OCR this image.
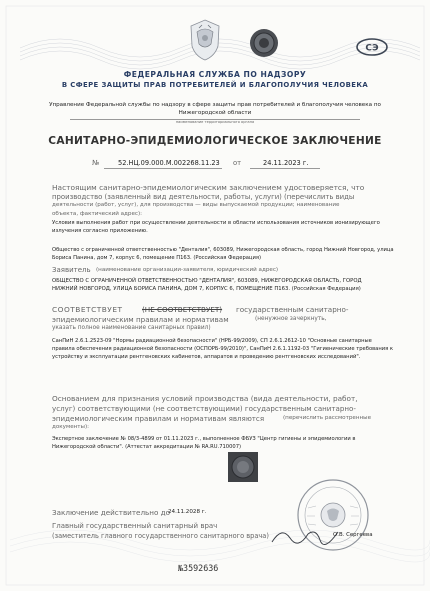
СЭ
ФЕДЕРАЛЬНАЯ СЛУЖБА ПО НАДЗОРУ
В СФЕРЕ ЗАЩИТЫ ПРАВ ПОТРЕБИТЕЛЕЙ И БЛАГОПОЛУЧИЯ ЧЕЛОВЕКА
Управление Федеральной службы по надзору в сфере защиты прав потребителей и благополучия человека по
Нижегородской области
наименование территориального органа
САНИТАРНО-ЭПИДЕМИОЛОГИЧЕСКОЕ ЗАКЛЮЧЕНИЕ
№	52.НЦ.09.000.М.002268.11.23 от	24.11.2023 г.
Настоящим санитарно-эпидемиологическим заключением удостоверяется, что
производство (заявленный вид деятельности, работы, услуги) (перечислить виды
деятельности (работ, услуг), для производства — виды выпускаемой продукции; наименование
объекта, фактический адрес):
Условия выполнения работ при осуществлении деятельности в области использования источников ионизирующего
излучения согласно приложению.
Общество с ограниченной ответственностью "Денталия", 603089, Нижегородская область, город Нижний Новгород, улица
Бориса Панина, дом 7, корпус 6, помещение П163. (Российская Федерация)
Заявитель (наименование организации-заявителя, юридический адрес)
ОБЩЕСТВО С ОГРАНИЧЕННОЙ ОТВЕТСТВЕННОСТЬЮ "ДЕНТАЛИЯ", 603089, НИЖЕГОРОДСКАЯ ОБЛАСТЬ, ГОРОД
НИЖНИЙ НОВГОРОД, УЛИЦА БОРИСА ПАНИНА, ДОМ 7, КОРПУС 6, ПОМЕЩЕНИЕ П163. (Российская Федерация)
СООТВЕТСТВУЕТ	(НЕ СООТВЕТСТВУЕТ) государственным санитарно-
эпидемиологическим правилам и нормативам	(ненужное зачеркнуть,
указать полное наименование санитарных правил)
СанПиН 2.6.1.2523-09 "Нормы радиационной безопасности" (НРБ-99/2009), СП 2.6.1.2612-10 "Основные санитарные
правила обеспечения радиационной безопасности (ОСПОРБ-99/2010)", СанПиН 2.6.1.1192-03 "Гигиенические требования к
устройству и эксплуатации рентгеновских кабинетов, аппаратов и проведению рентгеновских исследований".
Основанием для признания условий производства (вида деятельности, работ,
услуг) соответствующими (не соответствующими) государственным санитарно-
эпидемиологическим правилам и нормативам являются	(перечислить рассмотренные
документы):
Экспертное заключение № 08/3-4899 от 01.11.2023 г., выполненное ФБУЗ "Центр гигиены и эпидемиологии в
Нижегородской области". (Аттестат аккредитации № RA.RU.710007)
Заключение действительно до
24.11.2028 г.
Главный государственный санитарный врач
(заместитель главного государственного санитарного врача)	О.В. Сергеева
№3592636
